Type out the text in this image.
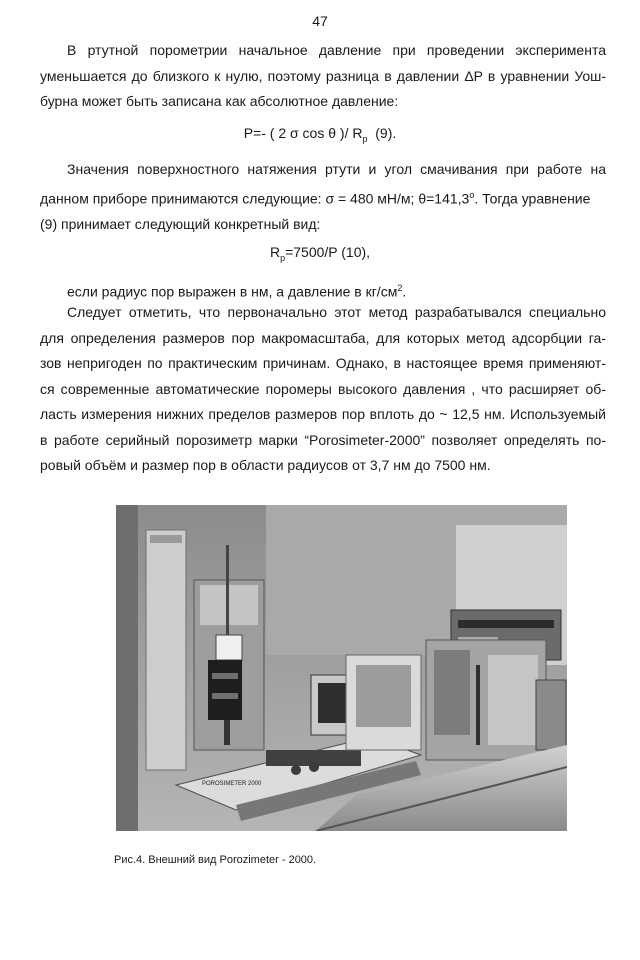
47
В ртутной порометрии начальное давление при проведении эксперимента
уменьшается до близкого к нулю, поэтому разница в давлении ΔP в уравнении Уош-
бурна может быть записана как абсолютное давление:
P=- ( 2 σ cos θ )/ $R_p$ (9).
Значения поверхностного натяжения ртути и угол смачивания при работе на
данном приборе принимаются следующие: σ = 480 мН/м; $\theta=141,3^o$. Тогда уравнение
(9) принимает следующий конкретный вид:
$R_p=7500/P$ (10),
если радиус пор выражен в нм, а давление в $кг/см^2$.
Следует отметить, что первоначально этот метод разрабатывался специально
для определения размеров пор макромасштаба, для которых метод адсорбции га-
зов непригоден по практическим причинам. Однако, в настоящее время применяют-
ся современные автоматические поромеры высокого давления , что расширяет об-
ласть измерения нижних пределов размеров пор вплоть до ~ 12,5 нм. Используемый
в работе серийный порозиметр марки “Porosimeter-2000” позволяет определять по-
ровый объём и размер пор в области радиусов от 3,7 нм до 7500 нм.
POROSIMETER 2000
Рис.4. Внешний вид Porozimeter - 2000.
